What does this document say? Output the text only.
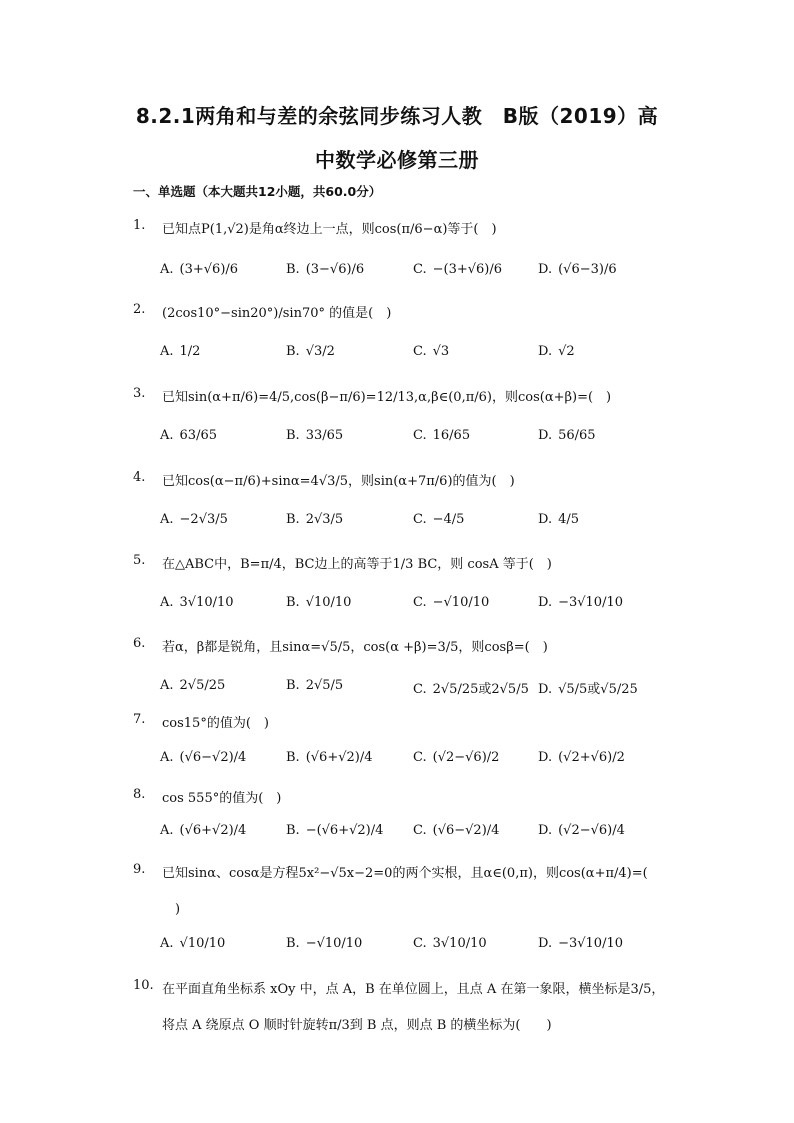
8.2.1两角和与差的余弦同步练习人教　B版（2019）高
中数学必修第三册
一、单选题（本大题共12小题，共60.0分）
1. 已知点P(1,√2)是角α终边上一点，则cos(π/6−α)等于(　)
A. (3+√6)/6	B. (3−√6)/6	C. −(3+√6)/6	D. (√6−3)/6
2. (2cos10°−sin20°)/sin70° 的值是(　)
A. 1/2	B. √3/2	C. √3	D. √2
3. 已知sin(α+π/6)=4/5,cos(β−π/6)=12/13,α,β∈(0,π/6)，则cos(α+β)=(　)
A. 63/65	B. 33/65	C. 16/65	D. 56/65
4. 已知cos(α−π/6)+sinα=4√3/5，则sin(α+7π/6)的值为(　)
A. −2√3/5	B. 2√3/5	C. −4/5	D. 4/5
5. 在△ABC中，B=π/4，BC边上的高等于1/3 BC，则 cosA 等于(　)
A. 3√10/10	B. √10/10	C. −√10/10	D. −3√10/10
6. 若α，β都是锐角，且sinα=√5/5，cos(α +β)=3/5，则cosβ=(　)
A. 2√5/25	B. 2√5/5	C. 2√5/25或2√5/5 D. √5/5或√5/25
7. cos15°的值为(　)
A. (√6−√2)/4	B. (√6+√2)/4	C. (√2−√6)/2	D. (√2+√6)/2
8. cos 555°的值为(　)
A. (√6+√2)/4	B. −(√6+√2)/4 C. (√6−√2)/4	D. (√2−√6)/4
9. 已知sinα、cosα是方程5x²−√5x−2=0的两个实根，且α∈(0,π)，则cos(α+π/4)=(
)
A. √10/10	B. −√10/10	C. 3√10/10	D. −3√10/10
10. 在平面直角坐标系 xOy 中，点 A，B 在单位圆上，且点 A 在第一象限，横坐标是3/5，
将点 A 绕原点 O 顺时针旋转π/3到 B 点，则点 B 的横坐标为(　　)
